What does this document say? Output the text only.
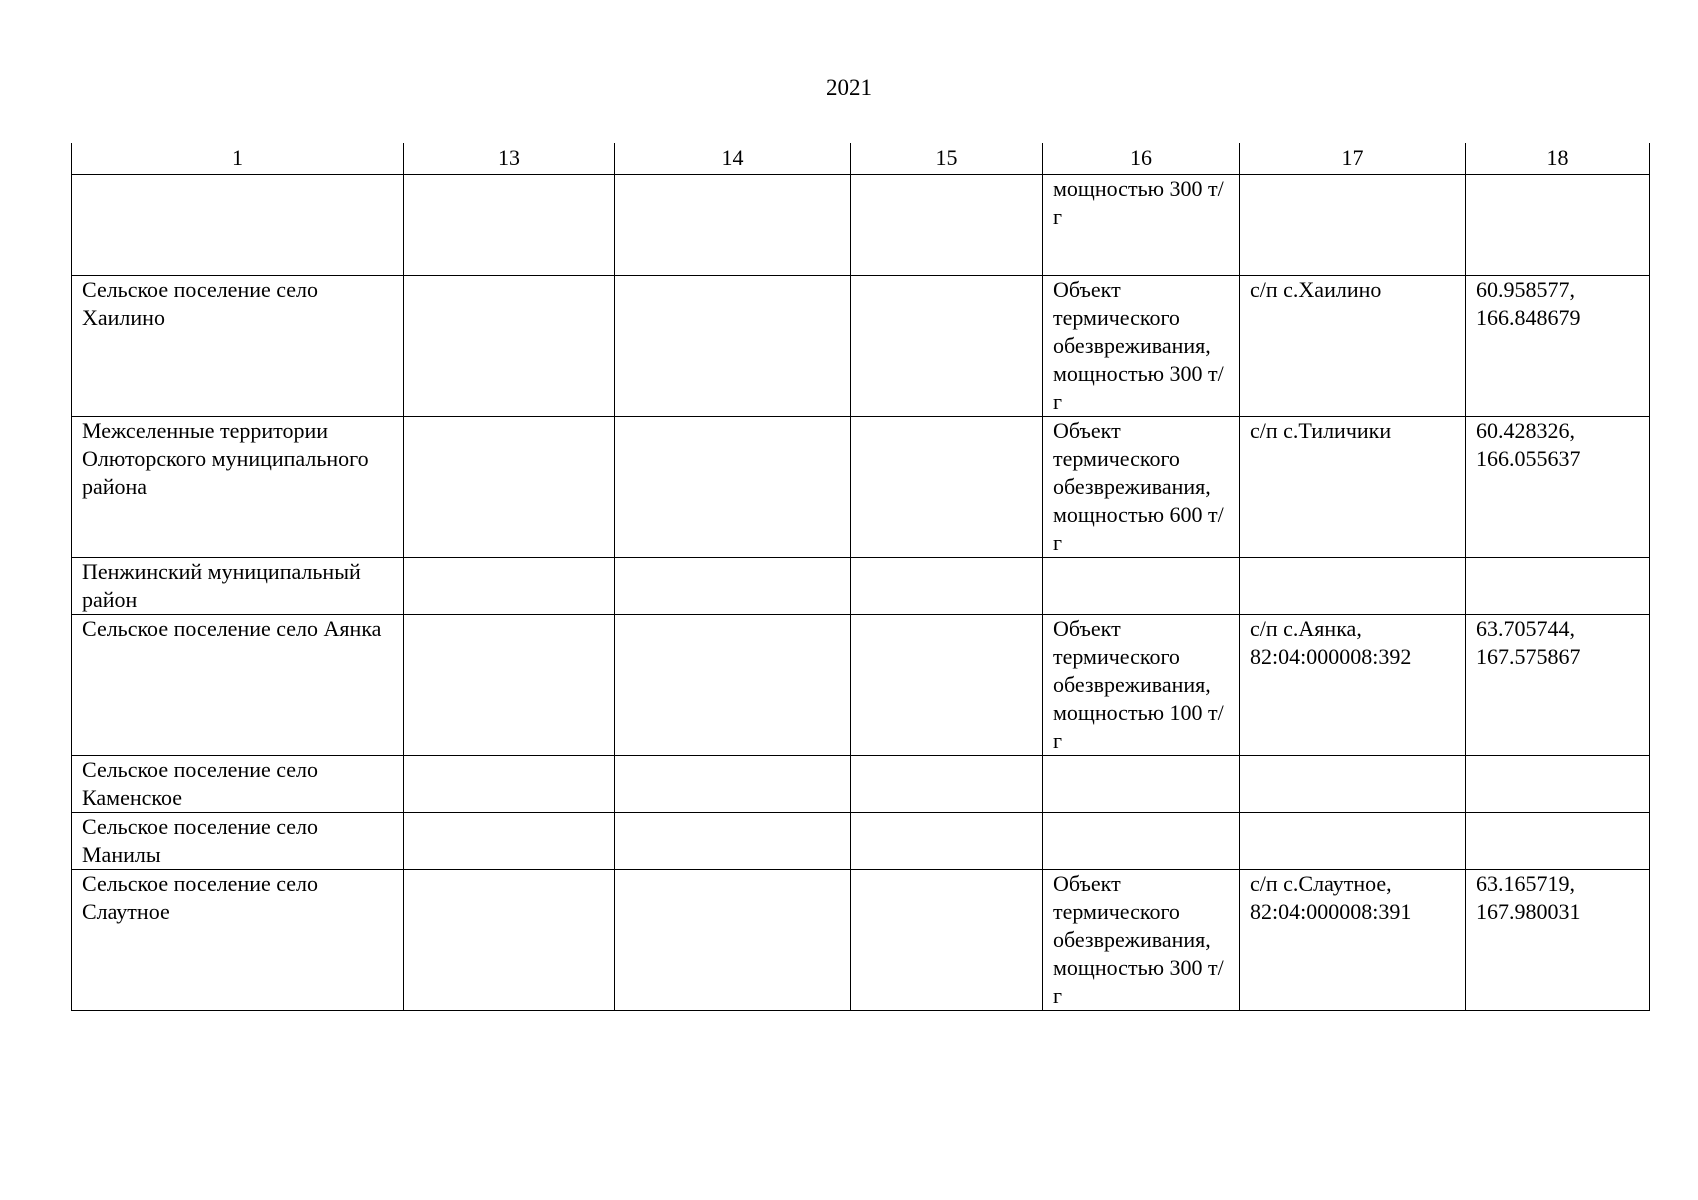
2021
1	13	14	15	16	17	18
				мощностью 300 т/г		
Сельское поселение село Хаилино				Объект термического обезвреживания, мощностью 300 т/г	с/п с.Хаилино	60.958577, 166.848679
Межселенные территории Олюторского муниципального района				Объект термического обезвреживания, мощностью 600 т/г	с/п с.Тиличики	60.428326, 166.055637
Пенжинский муниципальный район						
Сельское поселение село Аянка				Объект термического обезвреживания, мощностью 100 т/г	с/п с.Аянка, 82:04:000008:392	63.705744, 167.575867
Сельское поселение село Каменское						
Сельское поселение село Манилы						
Сельское поселение село Слаутное				Объект термического обезвреживания, мощностью 300 т/г	с/п с.Слаутное, 82:04:000008:391	63.165719, 167.980031
